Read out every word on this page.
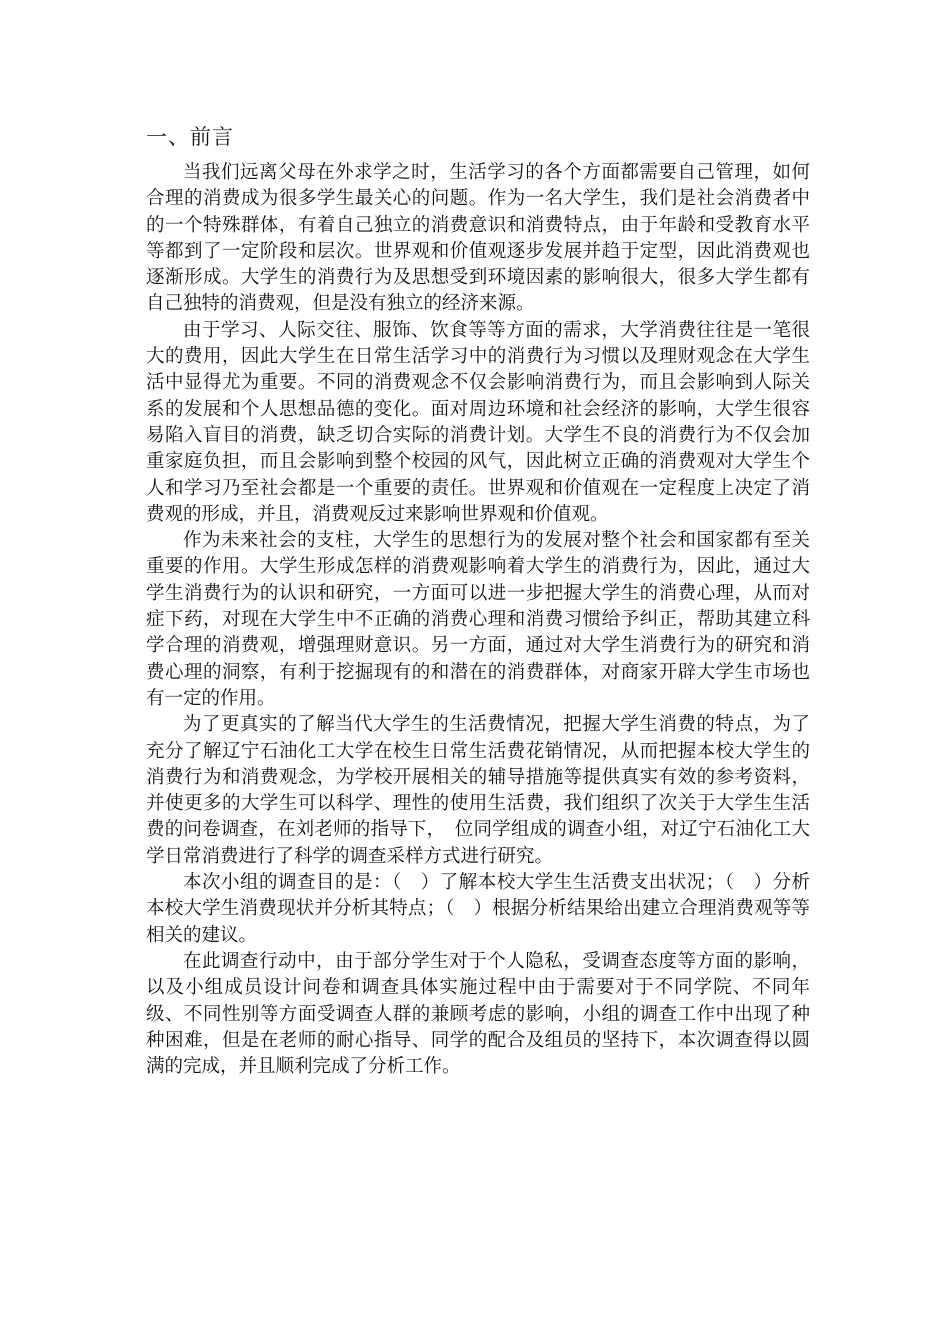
一、前言

当我们远离父母在外求学之时，生活学习的各个方面都需要自己管理，如何合理的消费成为很多学生最关心的问题。作为一名大学生，我们是社会消费者中的一个特殊群体，有着自己独立的消费意识和消费特点，由于年龄和受教育水平等都到了一定阶段和层次。世界观和价值观逐步发展并趋于定型，因此消费观也逐渐形成。大学生的消费行为及思想受到环境因素的影响很大，很多大学生都有自己独特的消费观，但是没有独立的经济来源。

由于学习、人际交往、服饰、饮食等等方面的需求，大学消费往往是一笔很大的费用，因此大学生在日常生活学习中的消费行为习惯以及理财观念在大学生活中显得尤为重要。不同的消费观念不仅会影响消费行为，而且会影响到人际关系的发展和个人思想品德的变化。面对周边环境和社会经济的影响，大学生很容易陷入盲目的消费，缺乏切合实际的消费计划。大学生不良的消费行为不仅会加重家庭负担，而且会影响到整个校园的风气，因此树立正确的消费观对大学生个人和学习乃至社会都是一个重要的责任。世界观和价值观在一定程度上决定了消费观的形成，并且，消费观反过来影响世界观和价值观。

作为未来社会的支柱，大学生的思想行为的发展对整个社会和国家都有至关重要的作用。大学生形成怎样的消费观影响着大学生的消费行为，因此，通过大学生消费行为的认识和研究，一方面可以进一步把握大学生的消费心理，从而对症下药，对现在大学生中不正确的消费心理和消费习惯给予纠正，帮助其建立科学合理的消费观，增强理财意识。另一方面，通过对大学生消费行为的研究和消费心理的洞察，有利于挖掘现有的和潜在的消费群体，对商家开辟大学生市场也有一定的作用。

为了更真实的了解当代大学生的生活费情况，把握大学生消费的特点，为了充分了解辽宁石油化工大学在校生日常生活费花销情况，从而把握本校大学生的消费行为和消费观念，为学校开展相关的辅导措施等提供真实有效的参考资料，并使更多的大学生可以科学、理性的使用生活费，我们组织了次关于大学生生活费的问卷调查，在刘老师的指导下，　位同学组成的调查小组，对辽宁石油化工大学日常消费进行了科学的调查采样方式进行研究。

本次小组的调查目的是：（　）了解本校大学生生活费支出状况；（　）分析本校大学生消费现状并分析其特点；（　）根据分析结果给出建立合理消费观等等相关的建议。

在此调查行动中，由于部分学生对于个人隐私，受调查态度等方面的影响，以及小组成员设计问卷和调查具体实施过程中由于需要对于不同学院、不同年级、不同性别等方面受调查人群的兼顾考虑的影响，小组的调查工作中出现了种种困难，但是在老师的耐心指导、同学的配合及组员的坚持下，本次调查得以圆满的完成，并且顺利完成了分析工作。
